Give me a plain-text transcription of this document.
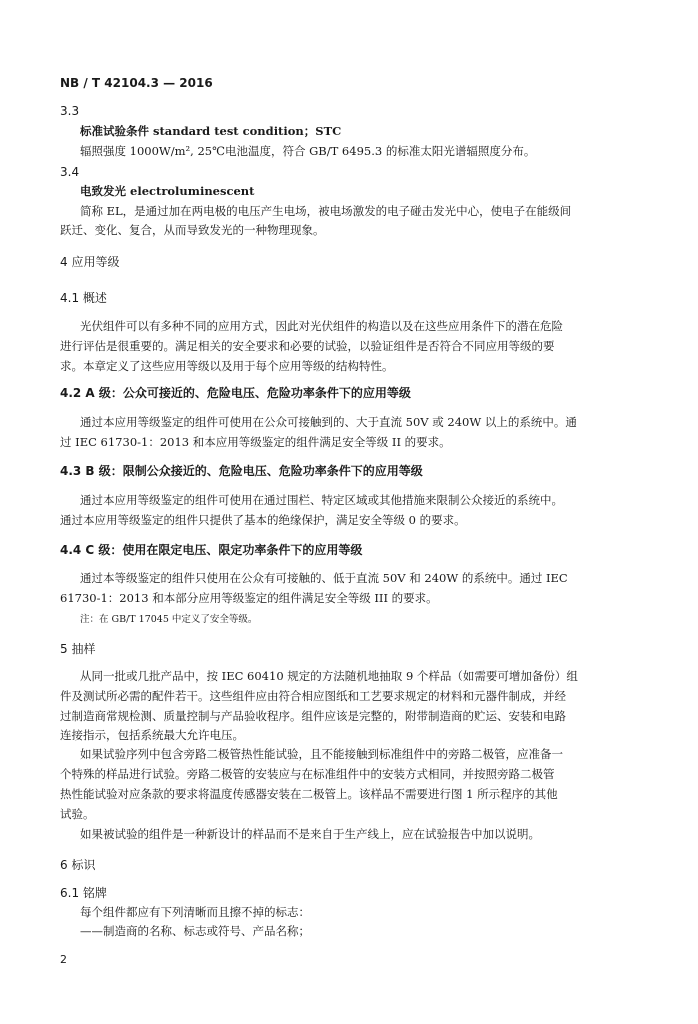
NB / T 42104.3 — 2016
3.3
标准试验条件 standard test condition；STC
辐照强度 1000W/m², 25℃电池温度，符合 GB/T 6495.3 的标准太阳光谱辐照度分布。
3.4
电致发光 electroluminescent
简称 EL，是通过加在两电极的电压产生电场，被电场激发的电子碰击发光中心，使电子在能级间
跃迁、变化、复合，从而导致发光的一种物理现象。
4 应用等级
4.1 概述
光伏组件可以有多种不同的应用方式，因此对光伏组件的构造以及在这些应用条件下的潜在危险
进行评估是很重要的。满足相关的安全要求和必要的试验，以验证组件是否符合不同应用等级的要
求。本章定义了这些应用等级以及用于每个应用等级的结构特性。
4.2 A 级：公众可接近的、危险电压、危险功率条件下的应用等级
通过本应用等级鉴定的组件可使用在公众可接触到的、大于直流 50V 或 240W 以上的系统中。通
过 IEC 61730-1：2013 和本应用等级鉴定的组件满足安全等级 II 的要求。
4.3 B 级：限制公众接近的、危险电压、危险功率条件下的应用等级
通过本应用等级鉴定的组件可使用在通过围栏、特定区域或其他措施来限制公众接近的系统中。
通过本应用等级鉴定的组件只提供了基本的绝缘保护，满足安全等级 0 的要求。
4.4 C 级：使用在限定电压、限定功率条件下的应用等级
通过本等级鉴定的组件只使用在公众有可接触的、低于直流 50V 和 240W 的系统中。通过 IEC
61730-1：2013 和本部分应用等级鉴定的组件满足安全等级 III 的要求。
注：在 GB/T 17045 中定义了安全等级。
5 抽样
从同一批或几批产品中，按 IEC 60410 规定的方法随机地抽取 9 个样品（如需要可增加备份）组
件及测试所必需的配件若干。这些组件应由符合相应图纸和工艺要求规定的材料和元器件制成，并经
过制造商常规检测、质量控制与产品验收程序。组件应该是完整的，附带制造商的贮运、安装和电路
连接指示，包括系统最大允许电压。
如果试验序列中包含旁路二极管热性能试验，且不能接触到标准组件中的旁路二极管，应准备一
个特殊的样品进行试验。旁路二极管的安装应与在标准组件中的安装方式相同，并按照旁路二极管
热性能试验对应条款的要求将温度传感器安装在二极管上。该样品不需要进行图 1 所示程序的其他
试验。
如果被试验的组件是一种新设计的样品而不是来自于生产线上，应在试验报告中加以说明。
6 标识
6.1 铭牌
每个组件都应有下列清晰而且擦不掉的标志：
——制造商的名称、标志或符号、产品名称；
2
